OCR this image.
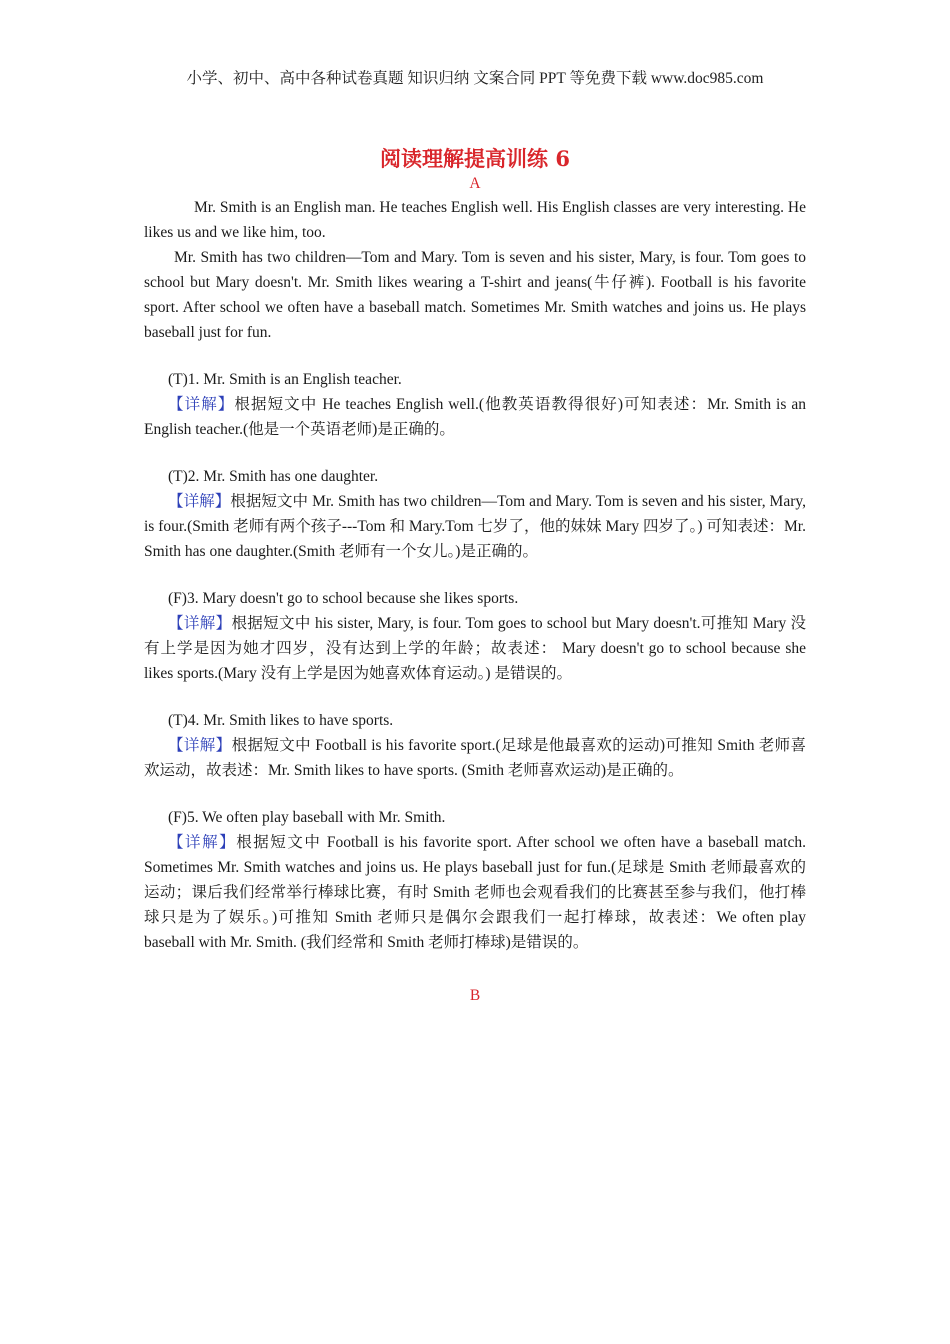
小学、初中、高中各种试卷真题 知识归纳 文案合同 PPT 等免费下载 www.doc985.com

阅读理解提高训练 6

A

Mr. Smith is an English man. He teaches English well. His English classes are very interesting. He likes us and we like him, too.

Mr. Smith has two children—Tom and Mary. Tom is seven and his sister, Mary, is four. Tom goes to school but Mary doesn't. Mr. Smith likes wearing a T-shirt and jeans(牛仔裤). Football is his favorite sport. After school we often have a baseball match. Sometimes Mr. Smith watches and joins us. He plays baseball just for fun.

(T)1. Mr. Smith is an English teacher.

【详解】根据短文中 He teaches English well.(他教英语教得很好)可知表述：Mr. Smith is an English teacher.(他是一个英语老师)是正确的。

(T)2. Mr. Smith has one daughter.

【详解】根据短文中 Mr. Smith has two children—Tom and Mary. Tom is seven and his sister, Mary, is four.(Smith 老师有两个孩子---Tom 和 Mary.Tom 七岁了，他的妹妹 Mary 四岁了。) 可知表述：Mr. Smith has one daughter.(Smith 老师有一个女儿。)是正确的。

(F)3. Mary doesn't go to school because she likes sports.

【详解】根据短文中 his sister, Mary, is four. Tom goes to school but Mary doesn't.可推知 Mary 没有上学是因为她才四岁，没有达到上学的年龄；故表述： Mary doesn't go to school because she likes sports.(Mary 没有上学是因为她喜欢体育运动。) 是错误的。

(T)4. Mr. Smith likes to have sports.

【详解】根据短文中 Football is his favorite sport.(足球是他最喜欢的运动)可推知 Smith 老师喜欢运动，故表述：Mr. Smith likes to have sports. (Smith 老师喜欢运动)是正确的。

(F)5. We often play baseball with Mr. Smith.

【详解】根据短文中 Football is his favorite sport. After school we often have a baseball match. Sometimes Mr. Smith watches and joins us. He plays baseball just for fun.(足球是 Smith 老师最喜欢的运动；课后我们经常举行棒球比赛，有时 Smith 老师也会观看我们的比赛甚至参与我们，他打棒球只是为了娱乐。)可推知 Smith 老师只是偶尔会跟我们一起打棒球，故表述：We often play baseball with Mr. Smith. (我们经常和 Smith 老师打棒球)是错误的。

B
